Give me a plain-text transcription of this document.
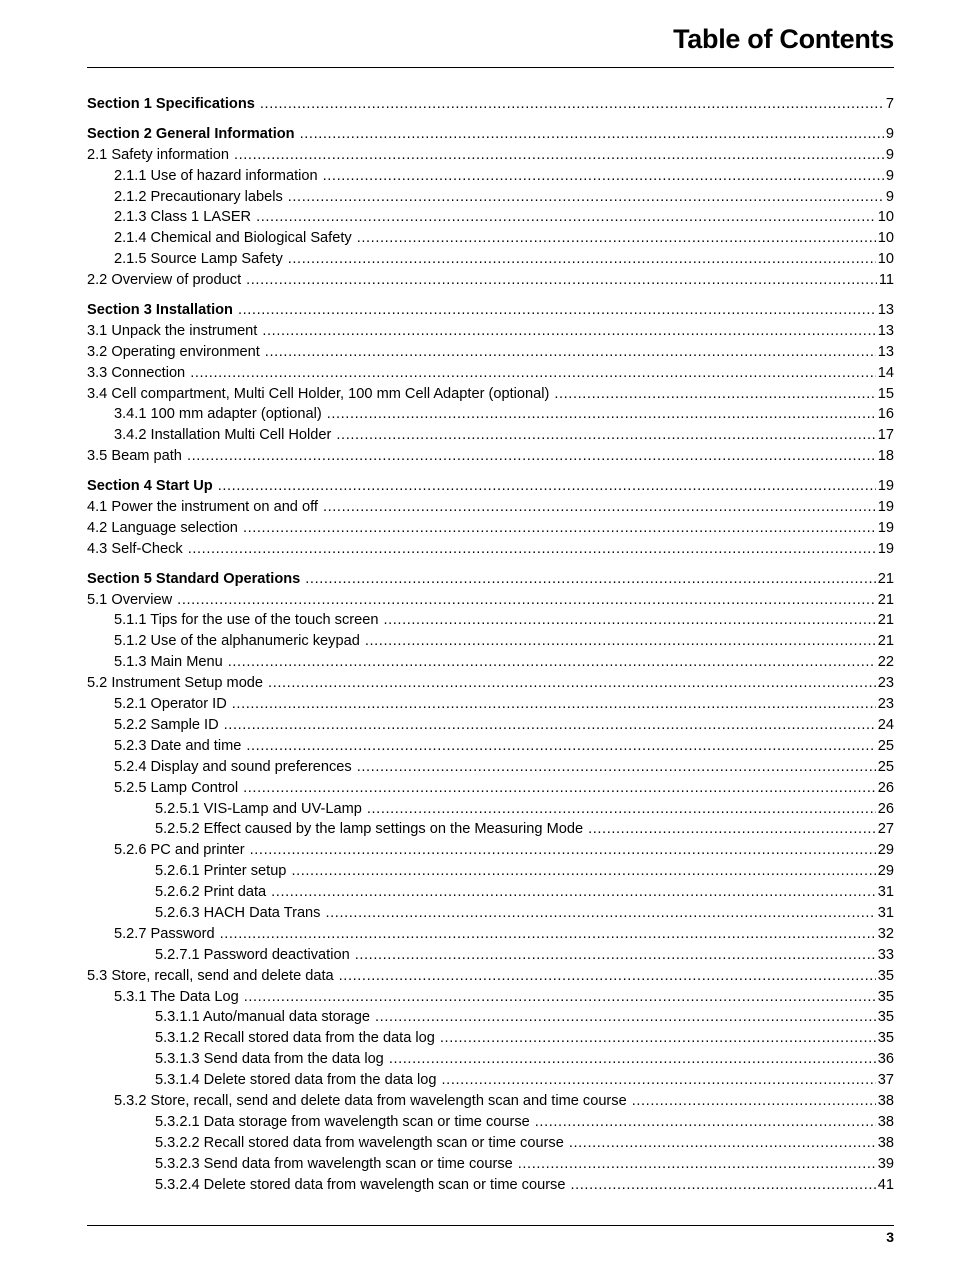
Table of Contents
Section 1 Specifications .....	7
Section 2 General Information .....	9
2.1 Safety information .....	9
2.1.1 Use of hazard information .....	9
2.1.2 Precautionary labels .....	9
2.1.3 Class 1 LASER .....	10
2.1.4 Chemical and Biological Safety .....	10
2.1.5 Source Lamp Safety .....	10
2.2 Overview of product .....	11
Section 3 Installation .....	13
3.1 Unpack the instrument .....	13
3.2 Operating environment .....	13
3.3 Connection .....	14
3.4 Cell compartment, Multi Cell Holder, 100 mm Cell Adapter (optional) .....	15
3.4.1 100 mm adapter (optional) .....	16
3.4.2 Installation Multi Cell Holder .....	17
3.5 Beam path .....	18
Section 4 Start Up .....	19
4.1 Power the instrument on and off .....	19
4.2 Language selection .....	19
4.3 Self-Check .....	19
Section 5 Standard Operations .....	21
5.1 Overview .....	21
5.1.1 Tips for the use of the touch screen .....	21
5.1.2 Use of the alphanumeric keypad .....	21
5.1.3 Main Menu .....	22
5.2 Instrument Setup mode .....	23
5.2.1 Operator ID .....	23
5.2.2 Sample ID .....	24
5.2.3 Date and time .....	25
5.2.4 Display and sound preferences .....	25
5.2.5 Lamp Control .....	26
5.2.5.1 VIS-Lamp and UV-Lamp .....	26
5.2.5.2 Effect caused by the lamp settings on the Measuring Mode .....	27
5.2.6 PC and printer .....	29
5.2.6.1 Printer setup .....	29
5.2.6.2 Print data .....	31
5.2.6.3 HACH Data Trans .....	31
5.2.7 Password .....	32
5.2.7.1 Password deactivation .....	33
5.3 Store, recall, send and delete data .....	35
5.3.1 The Data Log .....	35
5.3.1.1 Auto/manual data storage .....	35
5.3.1.2 Recall stored data from the data log .....	35
5.3.1.3 Send data from the data log .....	36
5.3.1.4 Delete stored data from the data log .....	37
5.3.2 Store, recall, send and delete data from wavelength scan and time course .....	38
5.3.2.1 Data storage from wavelength scan or time course .....	38
5.3.2.2 Recall stored data from wavelength scan or time course .....	38
5.3.2.3 Send data from wavelength scan or time course .....	39
5.3.2.4 Delete stored data from wavelength scan or time course .....	41
3
